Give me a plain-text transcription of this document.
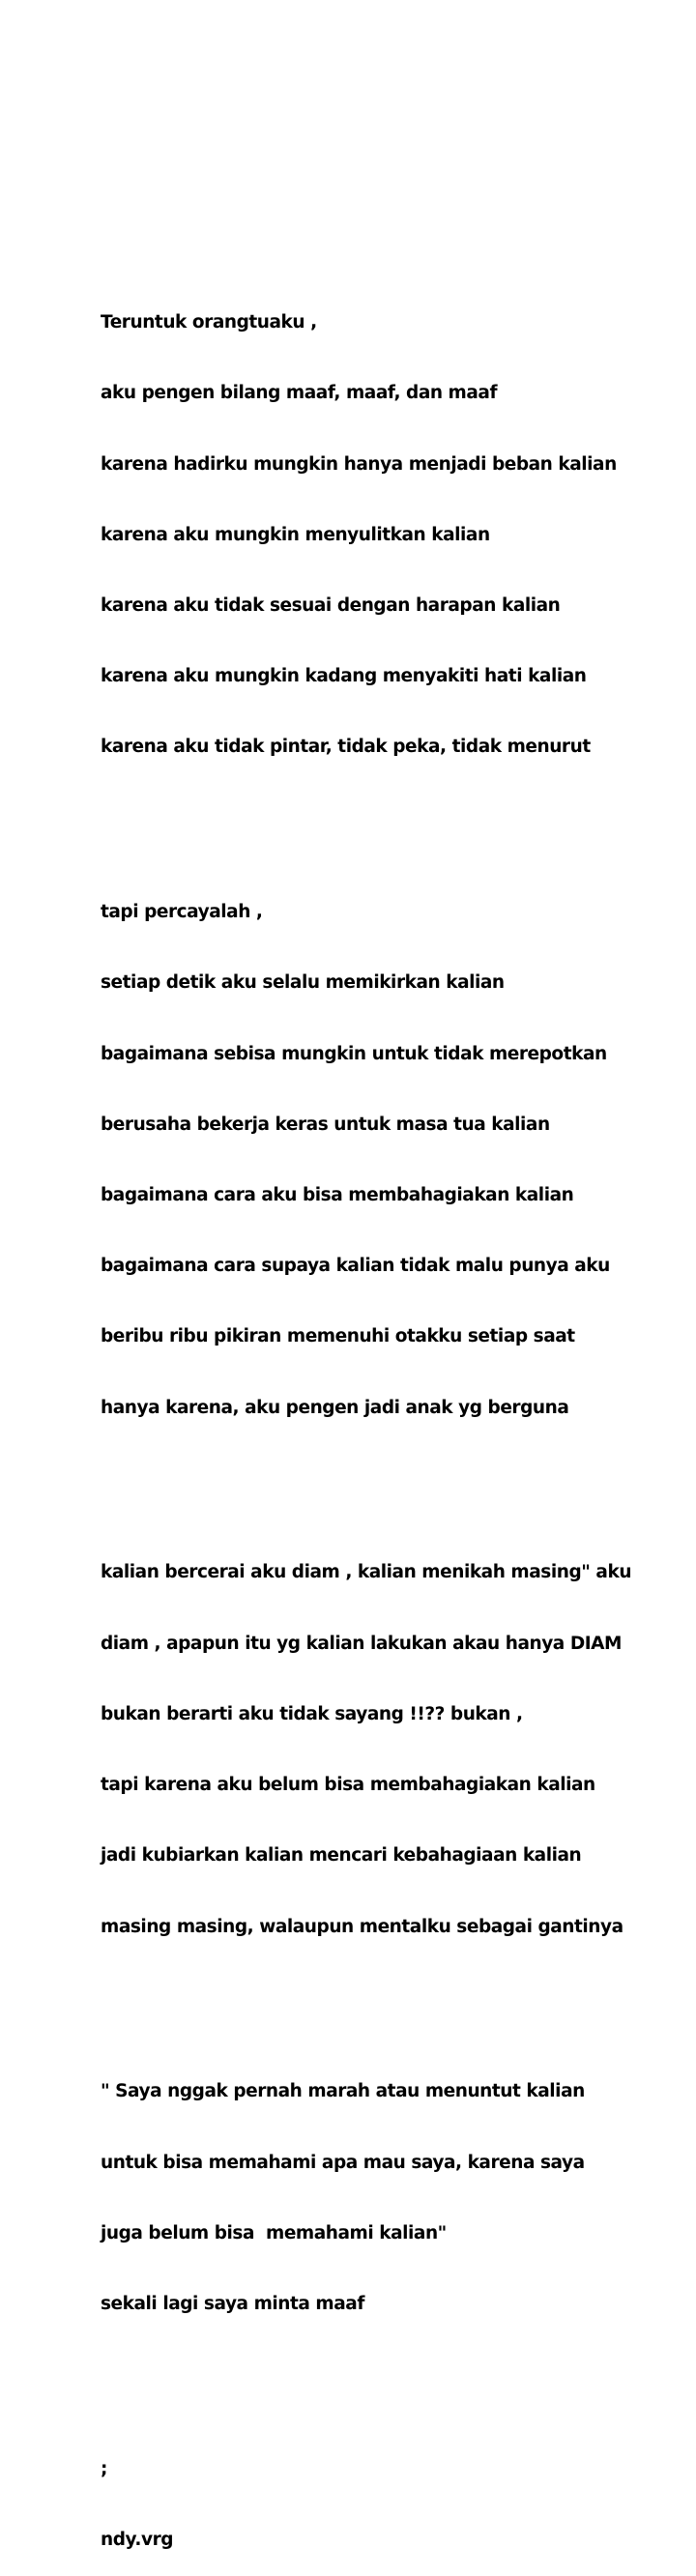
Teruntuk orangtuaku ,

aku pengen bilang maaf, maaf, dan maaf

karena hadirku mungkin hanya menjadi beban kalian

karena aku mungkin menyulitkan kalian

karena aku tidak sesuai dengan harapan kalian

karena aku mungkin kadang menyakiti hati kalian

karena aku tidak pintar, tidak peka, tidak menurut

tapi percayalah ,

setiap detik aku selalu memikirkan kalian

bagaimana sebisa mungkin untuk tidak merepotkan

berusaha bekerja keras untuk masa tua kalian

bagaimana cara aku bisa membahagiakan kalian

bagaimana cara supaya kalian tidak malu punya aku

beribu ribu pikiran memenuhi otakku setiap saat

hanya karena, aku pengen jadi anak yg berguna

kalian bercerai aku diam , kalian menikah masing" aku

diam , apapun itu yg kalian lakukan akau hanya DIAM

bukan berarti aku tidak sayang !!?? bukan ,

tapi karena aku belum bisa membahagiakan kalian

jadi kubiarkan kalian mencari kebahagiaan kalian

masing masing, walaupun mentalku sebagai gantinya

" Saya nggak pernah marah atau menuntut kalian

untuk bisa memahami apa mau saya, karena saya

juga belum bisa  memahami kalian"

sekali lagi saya minta maaf

;

ndy.vrg
